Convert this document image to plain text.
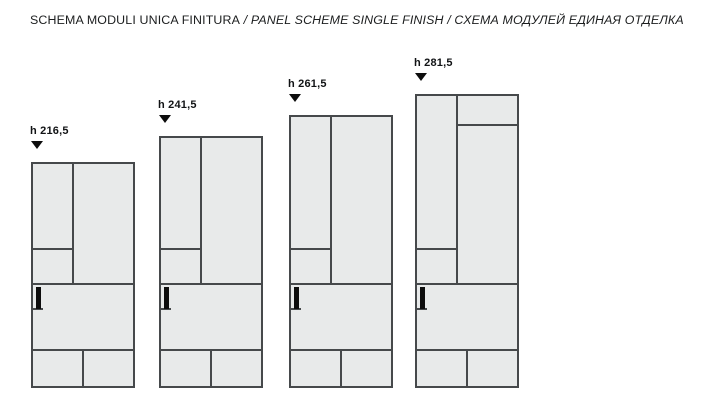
SCHEMA MODULI UNICA FINITURA / PANEL SCHEME SINGLE FINISH / СХЕМА МОДУЛЕЙ ЕДИНАЯ ОТДЕЛКА
h 216,5
h 241,5
h 261,5
h 281,5
